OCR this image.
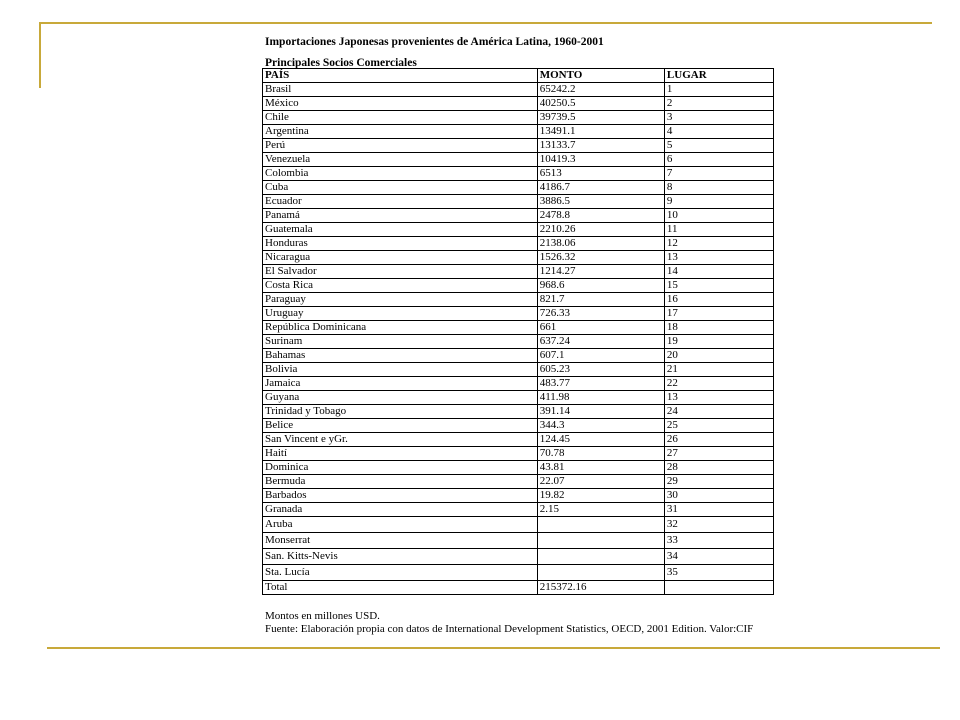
Importaciones Japonesas provenientes de América Latina, 1960-2001
Principales Socios Comerciales
PAÍS	MONTO	LUGAR
Brasil	65242.2	1
México	40250.5	2
Chile	39739.5	3
Argentina	13491.1	4
Perú	13133.7	5
Venezuela	10419.3	6
Colombia	6513	7
Cuba	4186.7	8
Ecuador	3886.5	9
Panamá	2478.8	10
Guatemala	2210.26	11
Honduras	2138.06	12
Nicaragua	1526.32	13
El Salvador	1214.27	14
Costa Rica	968.6	15
Paraguay	821.7	16
Uruguay	726.33	17
República Dominicana	661	18
Surinam	637.24	19
Bahamas	607.1	20
Bolivia	605.23	21
Jamaica	483.77	22
Guyana	411.98	13
Trinidad y Tobago	391.14	24
Belice	344.3	25
San Vincent e yGr.	124.45	26
Haití	70.78	27
Dominica	43.81	28
Bermuda	22.07	29
Barbados	19.82	30
Granada	2.15	31
Aruba		32
Monserrat		33
San. Kitts-Nevis		34
Sta. Lucía		35
Total	215372.16	
Montos en millones USD.
Fuente: Elaboración propia con datos de International Development Statistics, OECD, 2001 Edition. Valor:CIF
